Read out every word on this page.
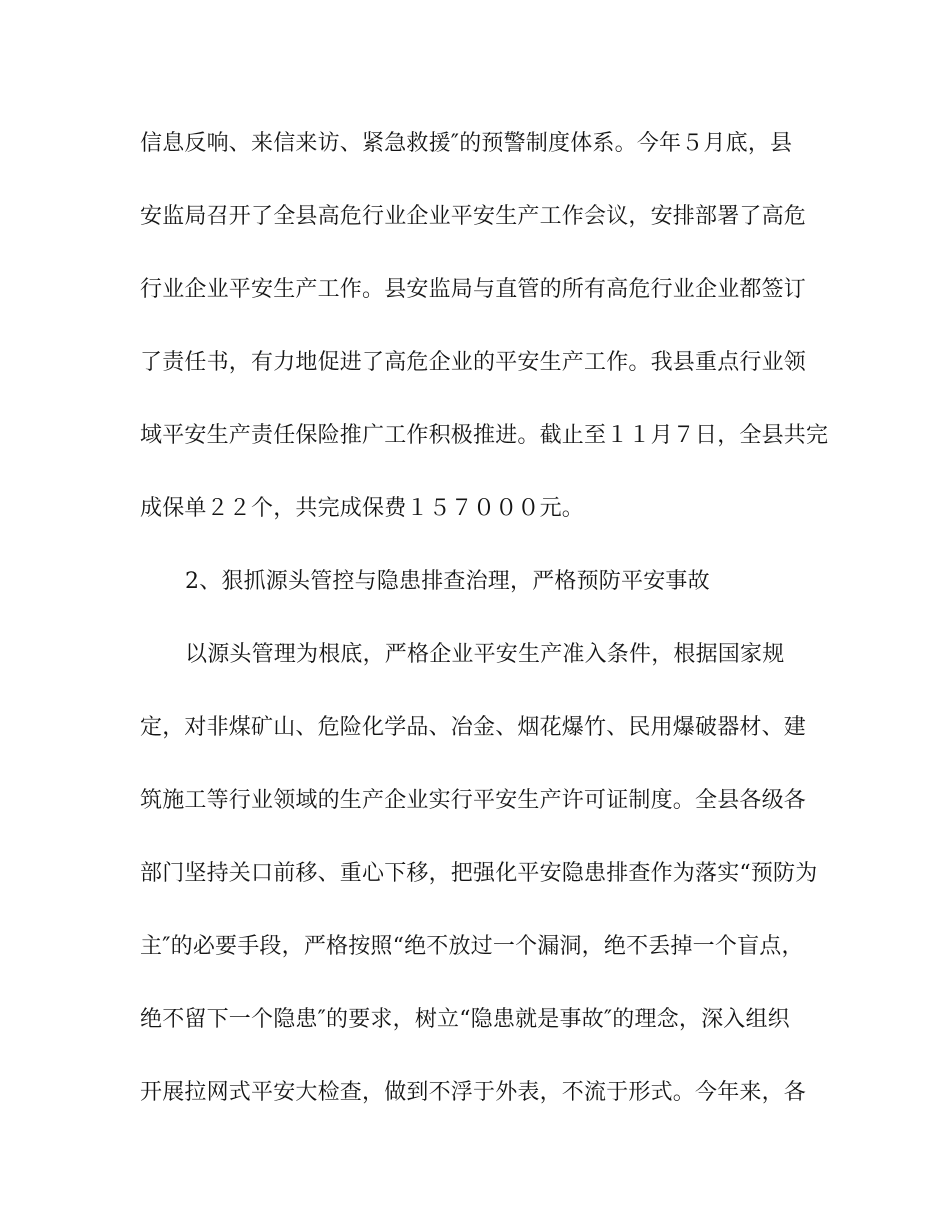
信息反响、来信来访、紧急救援″的预警制度体系。今年５月底，县
安监局召开了全县高危行业企业平安生产工作会议，安排部署了高危
行业企业平安生产工作。县安监局与直管的所有高危行业企业都签订
了责任书，有力地促进了高危企业的平安生产工作。我县重点行业领
域平安生产责任保险推广工作积极推进。截止至１１月７日，全县共完
成保单２２个，共完成保费１５７０００元。
2、狠抓源头管控与隐患排查治理，严格预防平安事故
以源头管理为根底，严格企业平安生产准入条件，根据国家规
定，对非煤矿山、危险化学品、冶金、烟花爆竹、民用爆破器材、建
筑施工等行业领域的生产企业实行平安生产许可证制度。全县各级各
部门坚持关口前移、重心下移，把强化平安隐患排查作为落实“预防为
主″的必要手段，严格按照“绝不放过一个漏洞，绝不丢掉一个盲点，
绝不留下一个隐患″的要求，树立“隐患就是事故″的理念，深入组织
开展拉网式平安大检查，做到不浮于外表，不流于形式。今年来，各
